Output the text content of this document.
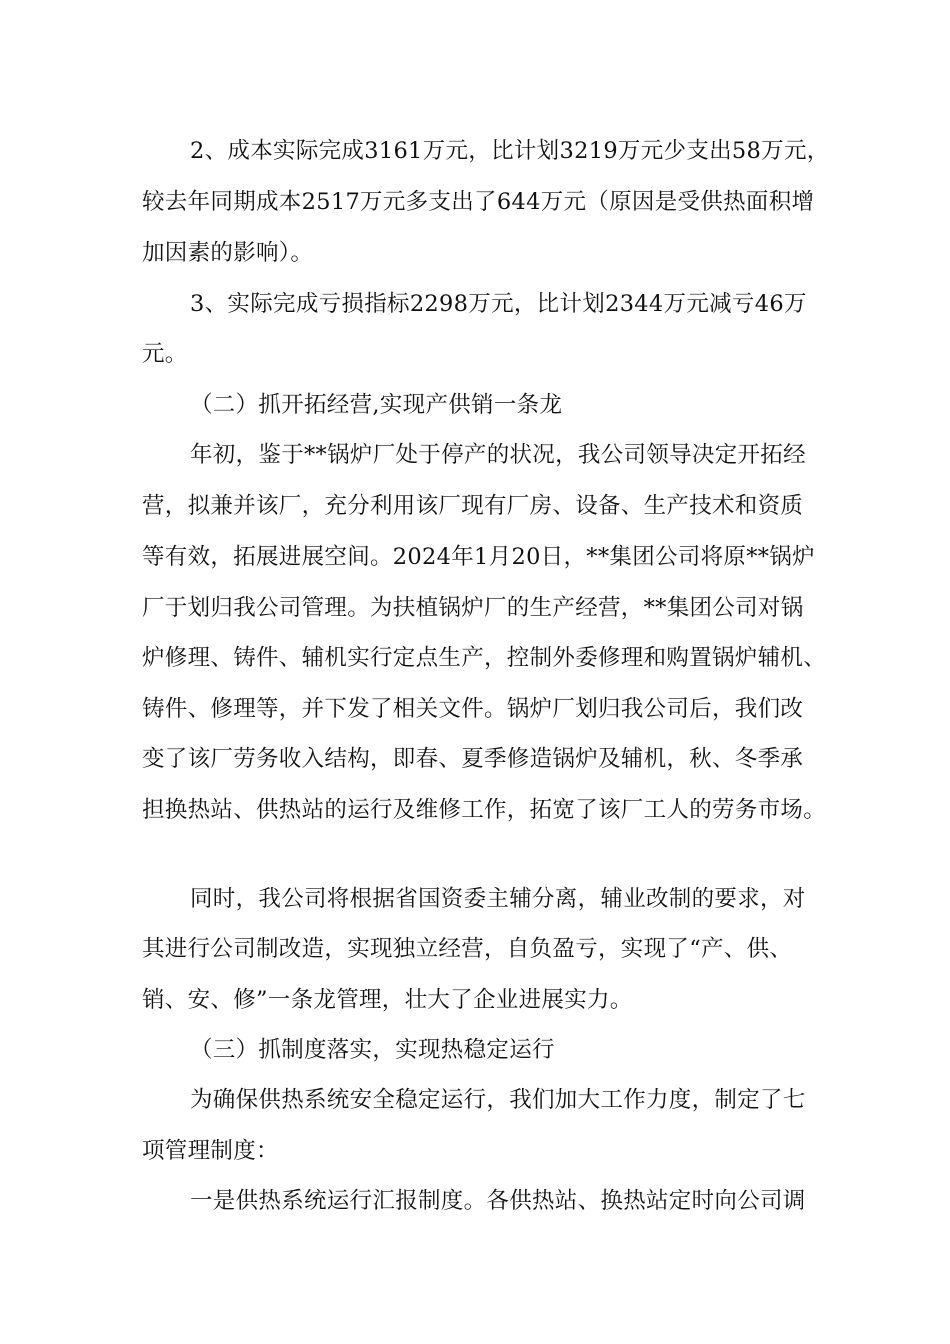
2、成本实际完成3161万元，比计划3219万元少支出58万元，
较去年同期成本2517万元多支出了644万元（原因是受供热面积增
加因素的影响）。
3、实际完成亏损指标2298万元，比计划2344万元减亏46万
元。
（二）抓开拓经营,实现产供销一条龙
年初，鉴于**锅炉厂处于停产的状况，我公司领导决定开拓经
营，拟兼并该厂，充分利用该厂现有厂房、设备、生产技术和资质
等有效，拓展进展空间。2024年1月20日，**集团公司将原**锅炉
厂于划归我公司管理。为扶植锅炉厂的生产经营，**集团公司对锅
炉修理、铸件、辅机实行定点生产，控制外委修理和购置锅炉辅机、
铸件、修理等，并下发了相关文件。锅炉厂划归我公司后，我们改
变了该厂劳务收入结构，即春、夏季修造锅炉及辅机，秋、冬季承
担换热站、供热站的运行及维修工作，拓宽了该厂工人的劳务市场。
同时，我公司将根据省国资委主辅分离，辅业改制的要求，对
其进行公司制改造，实现独立经营，自负盈亏，实现了“产、供、
销、安、修”一条龙管理，壮大了企业进展实力。
（三）抓制度落实，实现热稳定运行
为确保供热系统安全稳定运行，我们加大工作力度，制定了七
项管理制度：
一是供热系统运行汇报制度。各供热站、换热站定时向公司调
